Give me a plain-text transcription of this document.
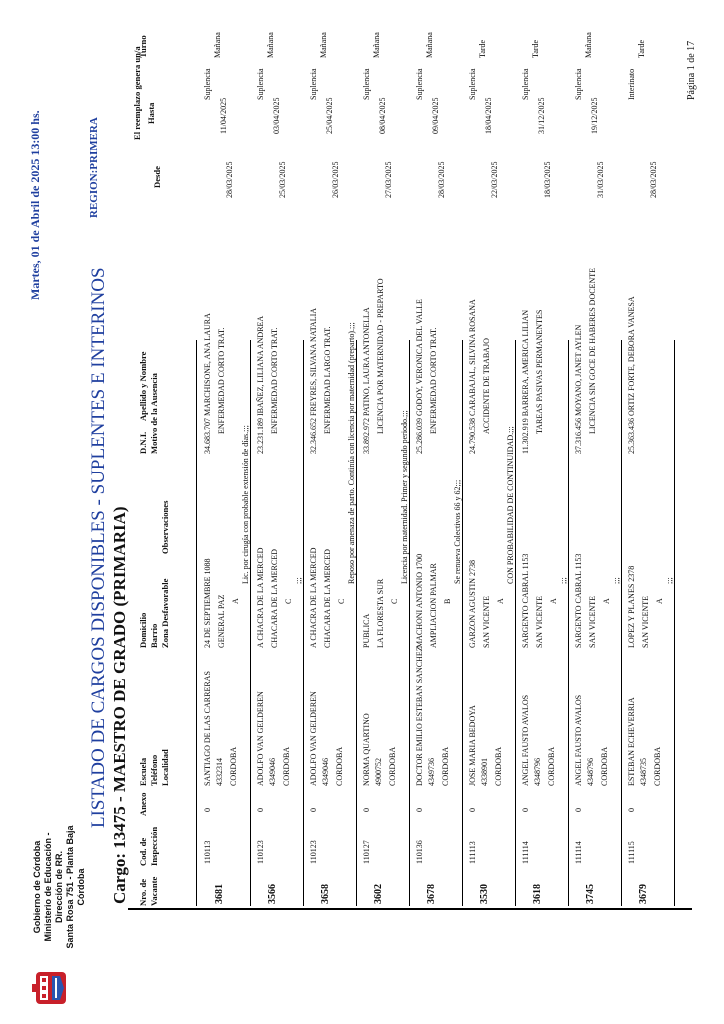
Gobierno de Córdoba Ministerio de Educación - Dirección de RR. Santa Rosa 751 - Planta Baja Córdoba
LISTADO DE CARGOS DISPONIBLES - SUPLENTES E INTERINOS
Martes, 01 de Abril de 2025 13:00 hs.	REGION:PRIMERA
Cargo: 13475 - MAESTRO DE GRADO (PRIMARIA) Nro. de Vacante
Cod. de Inspección
Anexo
Escuela Teléfono Localidad
Domicilio Barrio Zona Desfavorable
Observaciones
D.N.I.     Apellido y Nombre Motivo de la Ausencia
El reemplazo genera un/a
Desde
Hasta
Turno
3681
110113
0
SANTIAGO DE LAS CARRERAS 4332314 CORDOBA
24 DE SEPTIEMBRE 1088 GENERAL PAZ A
Lic. por cirugía con probable extensión de días.;;;
34.683.707 MARCHISONE, ANA LAURA ENFERMEDAD CORTO TRAT.
Suplencia
28/03/2025
11/04/2025
Mañana
3566
110123
0
ADOLFO VAN GELDEREN 4349046 CORDOBA
A CHACRA DE LA MERCED CHACARA DE LA MERCED C
;;;
23.231.189 IBAÑEZ, LILIANA ANDREA ENFERMEDAD CORTO TRAT.
Suplencia
25/03/2025
03/04/2025
Mañana
3658
110123
0
ADOLFO VAN GELDEREN 4349046 CORDOBA
A CHACRA DE LA MERCED CHACARA DE LA MERCED C
Reposo por amenaza de parto. Continúa con licencia por maternidad (preparto).;;;
32.346.652 FREYRES, SILVANA NATALIA ENFERMEDAD LARGO TRAT.
Suplencia
26/03/2025
25/04/2025
Mañana
3602
110127
0
NORMA QUARTINO 4900752 CORDOBA
PUBLICA LA FLORESTA SUR C
Licencia por maternidad. Primer y segundo periodo.;;;
33.892.972 PATINO, LAURA ANTONELLA LICENCIA POR MATERNIDAD - PREPARTO
Suplencia
27/03/2025
08/04/2025
Mañana
3678
110136
0
DOCTOR EMILIO ESTEBAN SANCHEZ 4349736 CORDOBA
MACHONI ANTONIO 1700 AMPLIACION PALMAR B
Se renueva Colectivos 66 y 62;;;
25.286.039 GODOY, VERONICA DEL VALLE ENFERMEDAD CORTO TRAT.
Suplencia
28/03/2025
09/04/2025
Mañana
3530
111113
0
JOSE MARIA BEDOYA 4338901 CORDOBA
GARZON AGUSTIN 2738 SAN VICENTE A
CON PROBABILIDAD DE CONTINUIDAD.;;;
24.790.538 CARABAJAL, SILVINA ROSANA ACCIDENTE DE TRABAJO
Suplencia
22/03/2025
18/04/2025
Tarde
3618
111114
0
ANGEL FAUSTO AVALOS 4348796 CORDOBA
SARGENTO CABRAL 1153 SAN VICENTE A
;;;
11.302.919 BARRERA, AMERICA LILIAN TAREAS PASIVAS PERMANENTES
Suplencia
18/03/2025
31/12/2025
Tarde
3745
111114
0
ANGEL FAUSTO AVALOS 4348796 CORDOBA
SARGENTO CABRAL 1153 SAN VICENTE A
;;;
37.316.456 MOYANO, JANET AYLEN LICENCIA SIN GOCE DE HABERES DOCENTE
Suplencia
31/03/2025
19/12/2025
Mañana
3679
111115
0
ESTEBAN ECHEVERRIA 4348735 CORDOBA
LOPEZ Y PLANES 2378 SAN VICENTE A
;;;
25.363.436 ORTIZ FORTE, DEBORA VANESA
Interinato
28/03/2025
Tarde	Página 1 de 17
